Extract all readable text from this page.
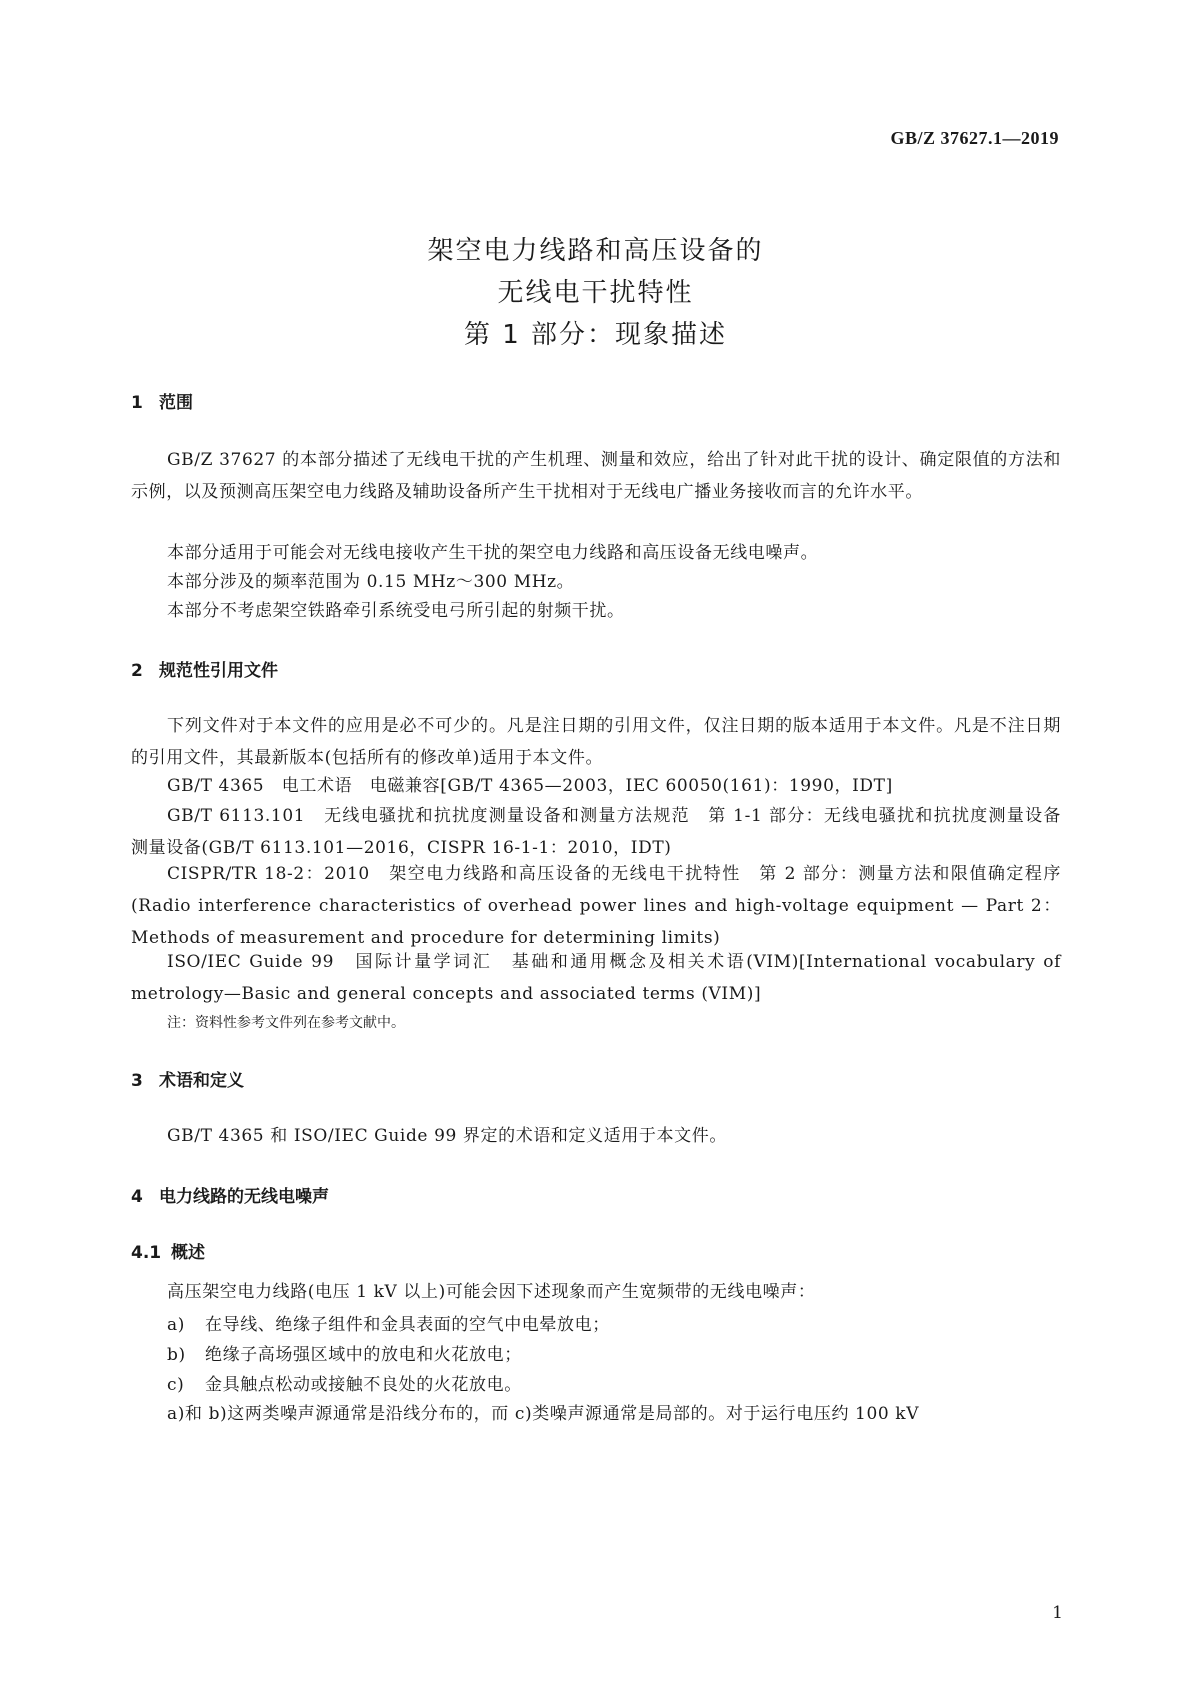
GB/Z 37627.1—2019
架空电力线路和高压设备的
无线电干扰特性
第 1 部分：现象描述
1 范围
GB/Z 37627 的本部分描述了无线电干扰的产生机理、测量和效应，给出了针对此干扰的设计、确定限值的方法和示例，以及预测高压架空电力线路及辅助设备所产生干扰相对于无线电广播业务接收而言的允许水平。
本部分适用于可能会对无线电接收产生干扰的架空电力线路和高压设备无线电噪声。
本部分涉及的频率范围为 0.15 MHz～300 MHz。
本部分不考虑架空铁路牵引系统受电弓所引起的射频干扰。
2 规范性引用文件
下列文件对于本文件的应用是必不可少的。凡是注日期的引用文件，仅注日期的版本适用于本文件。凡是不注日期的引用文件，其最新版本(包括所有的修改单)适用于本文件。
GB/T 4365　电工术语　电磁兼容[GB/T 4365—2003，IEC 60050(161)：1990，IDT]
GB/T 6113.101　无线电骚扰和抗扰度测量设备和测量方法规范　第 1-1 部分：无线电骚扰和抗扰度测量设备　测量设备(GB/T 6113.101—2016，CISPR 16-1-1：2010，IDT)
CISPR/TR 18-2：2010　架空电力线路和高压设备的无线电干扰特性　第 2 部分：测量方法和限值确定程序(Radio interference characteristics of overhead power lines and high-voltage equipment — Part 2：Methods of measurement and procedure for determining limits)
ISO/IEC Guide 99　国际计量学词汇　基础和通用概念及相关术语(VIM)[International vocabulary of metrology—Basic and general concepts and associated terms (VIM)]
注：资料性参考文件列在参考文献中。
3 术语和定义
GB/T 4365 和 ISO/IEC Guide 99 界定的术语和定义适用于本文件。
4 电力线路的无线电噪声
4.1 概述
高压架空电力线路(电压 1 kV 以上)可能会因下述现象而产生宽频带的无线电噪声：
a) 在导线、绝缘子组件和金具表面的空气中电晕放电；
b) 绝缘子高场强区域中的放电和火花放电；
c) 金具触点松动或接触不良处的火花放电。
a)和 b)这两类噪声源通常是沿线分布的，而 c)类噪声源通常是局部的。对于运行电压约 100 kV
1
